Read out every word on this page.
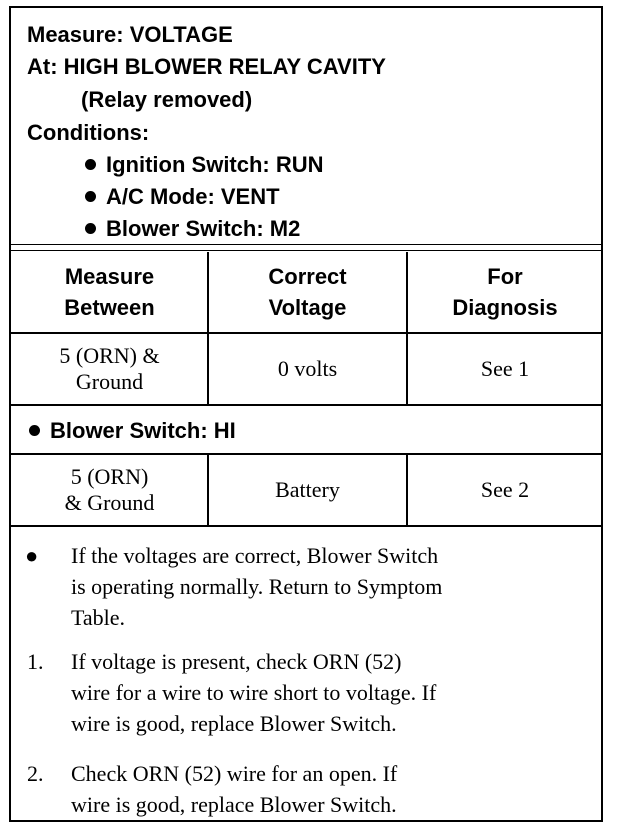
Measure: VOLTAGE
At: HIGH BLOWER RELAY CAVITY
(Relay removed)
Conditions:
Ignition Switch: RUN
A/C Mode: VENT
Blower Switch: M2
Measure
Between
Correct
Voltage
For
Diagnosis
5 (ORN) &
Ground
0 volts	See 1
Blower Switch: HI
5 (ORN)
& Ground
Battery	See 2
● If the voltages are correct, Blower Switch
is operating normally. Return to Symptom
Table.
1. If voltage is present, check ORN (52)
wire for a wire to wire short to voltage. If
wire is good, replace Blower Switch.
2. Check ORN (52) wire for an open. If
wire is good, replace Blower Switch.
